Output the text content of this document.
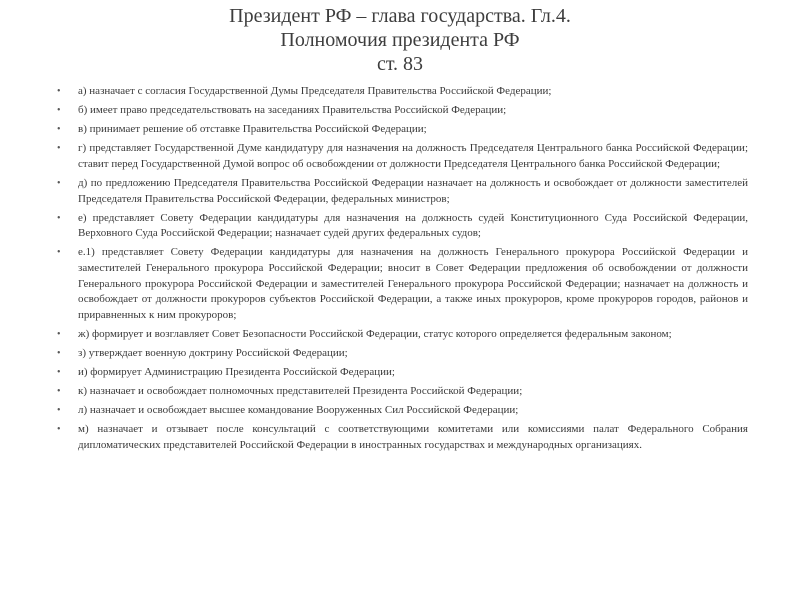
Президент РФ – глава государства. Гл.4.
Полномочия президента РФ
ст. 83
• а) назначает с согласия Государственной Думы Председателя Правительства Российской Федерации;
• б) имеет право председательствовать на заседаниях Правительства Российской Федерации;
• в) принимает решение об отставке Правительства Российской Федерации;
• г) представляет Государственной Думе кандидатуру для назначения на должность Председателя Центрального банка Российской Федерации; ставит перед Государственной Думой вопрос об освобождении от должности Председателя Центрального банка Российской Федерации;
• д) по предложению Председателя Правительства Российской Федерации назначает на должность и освобождает от должности заместителей Председателя Правительства Российской Федерации, федеральных министров;
• е) представляет Совету Федерации кандидатуры для назначения на должность судей Конституционного Суда Российской Федерации, Верховного Суда Российской Федерации; назначает судей других федеральных судов;
• е.1) представляет Совету Федерации кандидатуры для назначения на должность Генерального прокурора Российской Федерации и заместителей Генерального прокурора Российской Федерации; вносит в Совет Федерации предложения об освобождении от должности Генерального прокурора Российской Федерации и заместителей Генерального прокурора Российской Федерации; назначает на должность и освобождает от должности прокуроров субъектов Российской Федерации, а также иных прокуроров, кроме прокуроров городов, районов и приравненных к ним прокуроров;
• ж) формирует и возглавляет Совет Безопасности Российской Федерации, статус которого определяется федеральным законом;
• з) утверждает военную доктрину Российской Федерации;
• и) формирует Администрацию Президента Российской Федерации;
• к) назначает и освобождает полномочных представителей Президента Российской Федерации;
• л) назначает и освобождает высшее командование Вооруженных Сил Российской Федерации;
• м) назначает и отзывает после консультаций с соответствующими комитетами или комиссиями палат Федерального Собрания дипломатических представителей Российской Федерации в иностранных государствах и международных организациях.
